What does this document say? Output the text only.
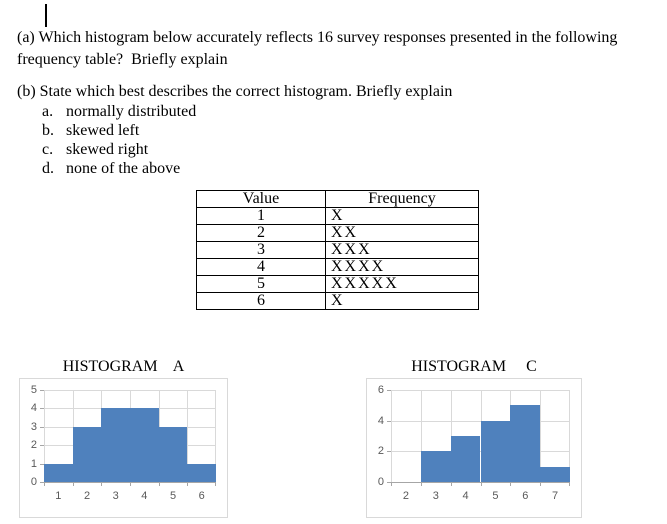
(a) Which histogram below accurately reflects 16 survey responses presented in the following
frequency table?  Briefly explain
(b) State which best describes the correct histogram. Briefly explain
a. normally distributed
b. skewed left
c. skewed right
d. none of the above
Value	Frequency
1	X
2	XX
3	XXX
4	XXXX
5	XXXXX
6	X
HISTOGRAM    A
0
1
2
3
4
5
1 2 3 4 5 6
HISTOGRAM     C
0
2
4
6
2 3 4 5 6 7
